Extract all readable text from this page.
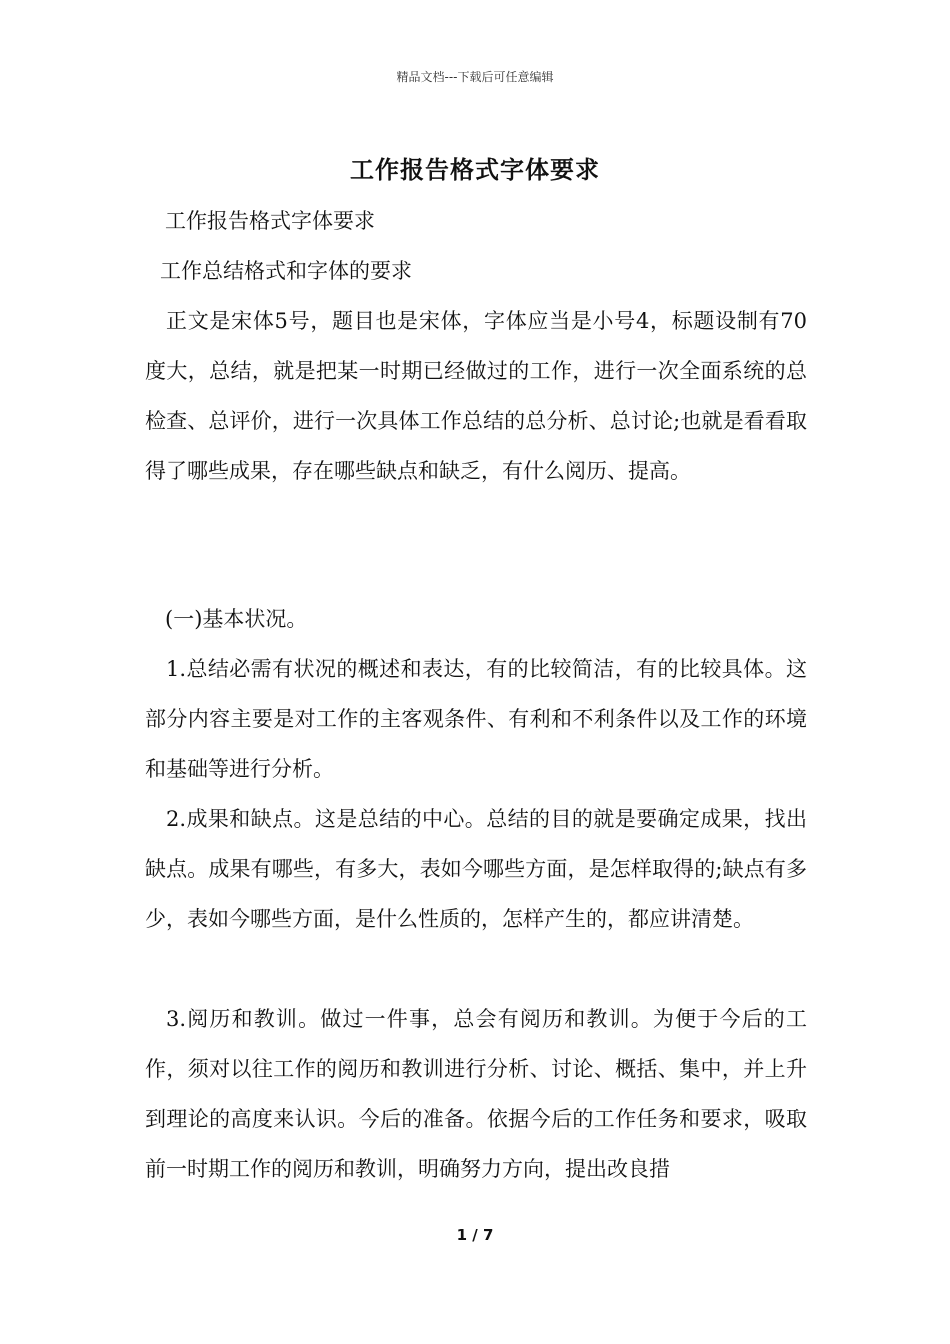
精品文档---下载后可任意编辑
工作报告格式字体要求
工作报告格式字体要求
工作总结格式和字体的要求
正文是宋体5号，题目也是宋体，字体应当是小号4，标题设制有70度大，总结，就是把某一时期已经做过的工作，进行一次全面系统的总检查、总评价，进行一次具体工作总结的总分析、总讨论;也就是看看取得了哪些成果，存在哪些缺点和缺乏，有什么阅历、提高。
(一)基本状况。
1.总结必需有状况的概述和表达，有的比较简洁，有的比较具体。这部分内容主要是对工作的主客观条件、有利和不利条件以及工作的环境和基础等进行分析。
2.成果和缺点。这是总结的中心。总结的目的就是要确定成果，找出缺点。成果有哪些，有多大，表如今哪些方面，是怎样取得的;缺点有多少，表如今哪些方面，是什么性质的，怎样产生的，都应讲清楚。
3.阅历和教训。做过一件事，总会有阅历和教训。为便于今后的工作，须对以往工作的阅历和教训进行分析、讨论、概括、集中，并上升到理论的高度来认识。今后的准备。依据今后的工作任务和要求，吸取前一时期工作的阅历和教训，明确努力方向，提出改良措
1 / 7
